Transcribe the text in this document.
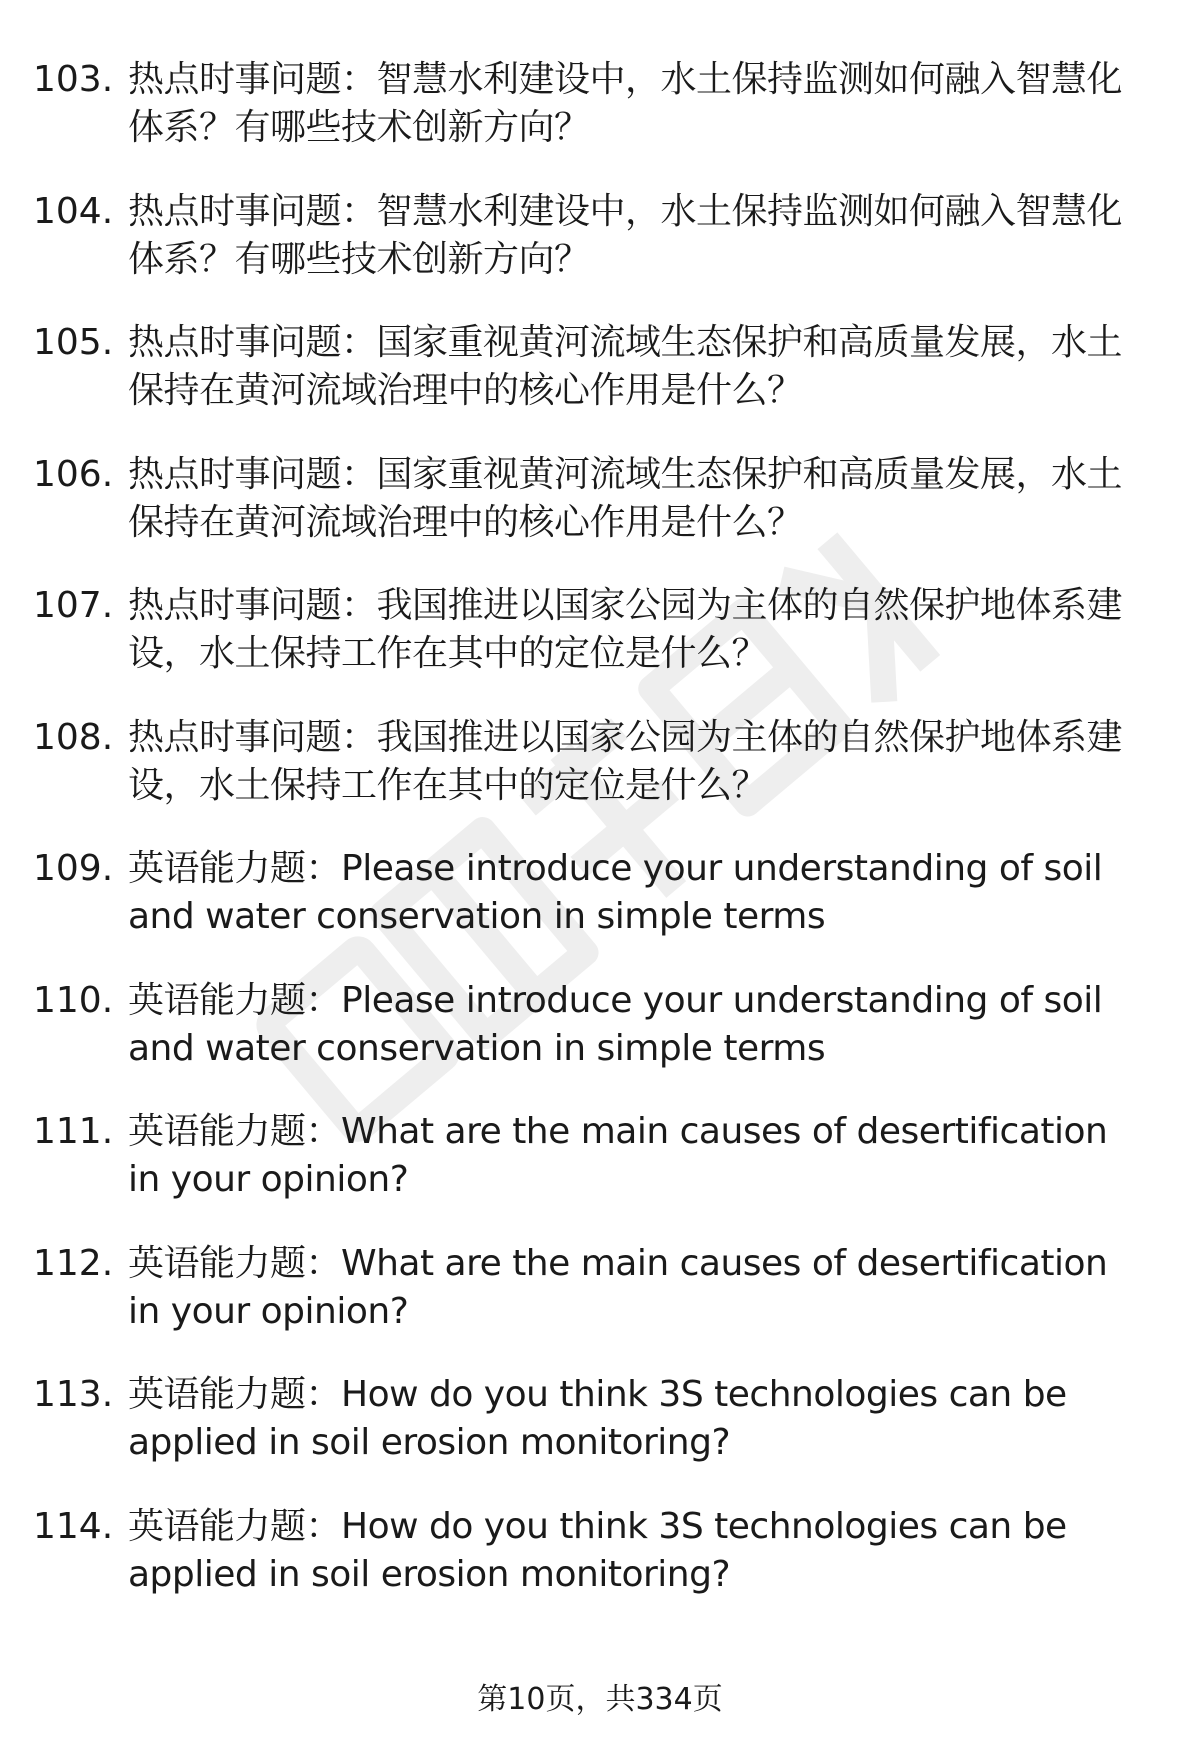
103. 热点时事问题：智慧水利建设中，水土保持监测如何融入智慧化体系？有哪些技术创新方向？
104. 热点时事问题：智慧水利建设中，水土保持监测如何融入智慧化体系？有哪些技术创新方向？
105. 热点时事问题：国家重视黄河流域生态保护和高质量发展，水土保持在黄河流域治理中的核心作用是什么？
106. 热点时事问题：国家重视黄河流域生态保护和高质量发展，水土保持在黄河流域治理中的核心作用是什么？
107. 热点时事问题：我国推进以国家公园为主体的自然保护地体系建设，水土保持工作在其中的定位是什么？
108. 热点时事问题：我国推进以国家公园为主体的自然保护地体系建设，水土保持工作在其中的定位是什么？
109. 英语能力题：Please introduce your understanding of soil and water conservation in simple terms
110. 英语能力题：Please introduce your understanding of soil and water conservation in simple terms
111. 英语能力题：What are the main causes of desertification in your opinion?
112. 英语能力题：What are the main causes of desertification in your opinion?
113. 英语能力题：How do you think 3S technologies can be applied in soil erosion monitoring?
114. 英语能力题：How do you think 3S technologies can be applied in soil erosion monitoring?
第10页，共334页
